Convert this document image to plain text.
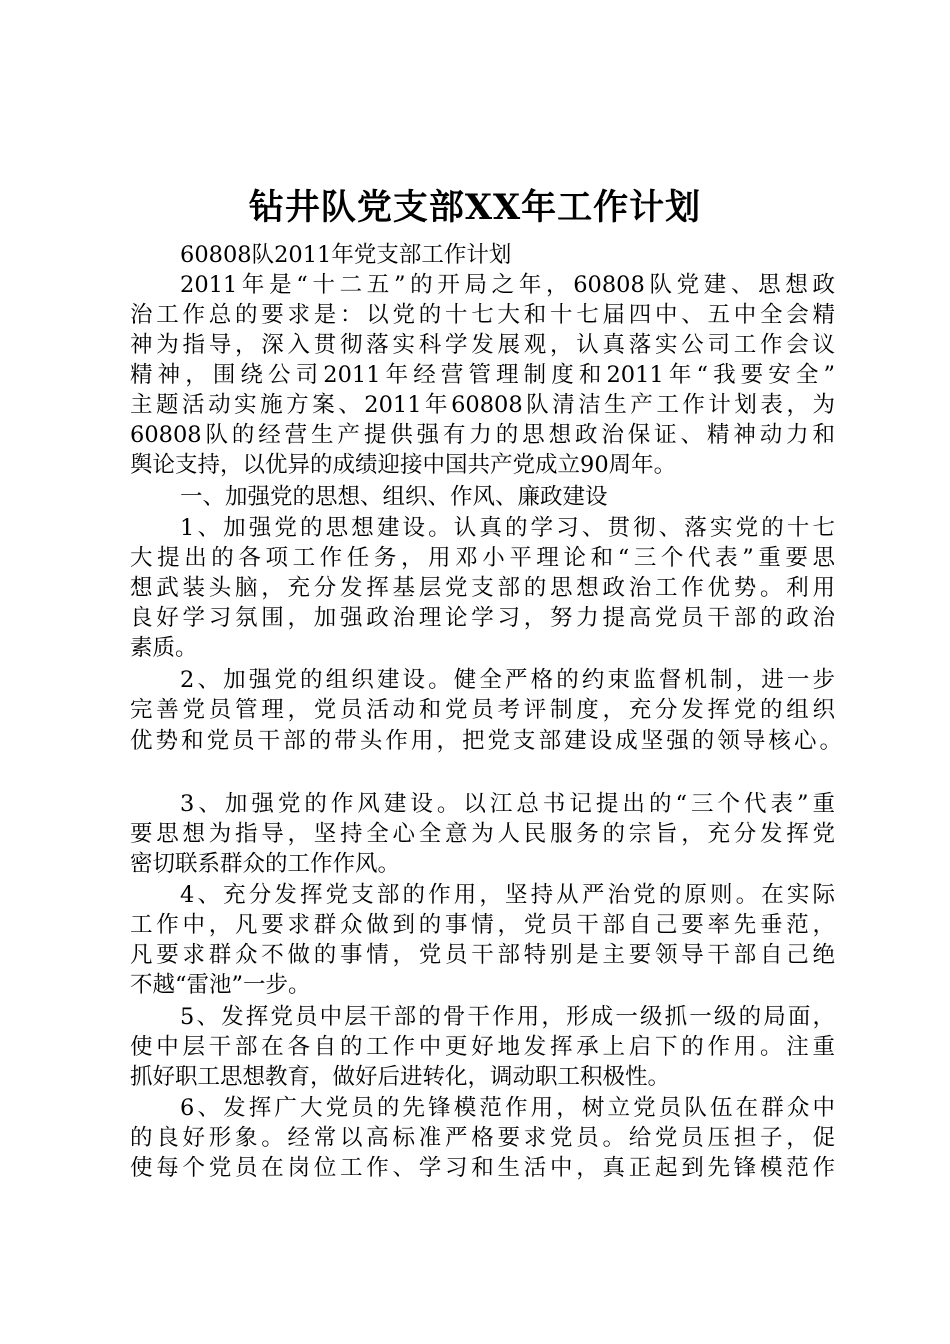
钻井队党支部XX年工作计划
60808队2011年党支部工作计划
2011年是“十二五”的开局之年，60808队党建、思想政
治工作总的要求是：以党的十七大和十七届四中、五中全会精
神为指导，深入贯彻落实科学发展观，认真落实公司工作会议
精神，围绕公司2011年经营管理制度和2011年“我要安全”
主题活动实施方案、2011年60808队清洁生产工作计划表，为
60808队的经营生产提供强有力的思想政治保证、精神动力和
舆论支持，以优异的成绩迎接中国共产党成立90周年。
一、加强党的思想、组织、作风、廉政建设
1、加强党的思想建设。认真的学习、贯彻、落实党的十七
大提出的各项工作任务，用邓小平理论和“三个代表”重要思
想武装头脑，充分发挥基层党支部的思想政治工作优势。利用
良好学习氛围，加强政治理论学习，努力提高党员干部的政治
素质。
2、加强党的组织建设。健全严格的约束监督机制，进一步
完善党员管理，党员活动和党员考评制度，充分发挥党的组织
优势和党员干部的带头作用，把党支部建设成坚强的领导核心。
3、加强党的作风建设。以江总书记提出的“三个代表”重
要思想为指导，坚持全心全意为人民服务的宗旨，充分发挥党
密切联系群众的工作作风。
4、充分发挥党支部的作用，坚持从严治党的原则。在实际
工作中，凡要求群众做到的事情，党员干部自己要率先垂范，
凡要求群众不做的事情，党员干部特别是主要领导干部自己绝
不越“雷池”一步。
5、发挥党员中层干部的骨干作用，形成一级抓一级的局面，
使中层干部在各自的工作中更好地发挥承上启下的作用。注重
抓好职工思想教育，做好后进转化，调动职工积极性。
6、发挥广大党员的先锋模范作用，树立党员队伍在群众中
的良好形象。经常以高标准严格要求党员。给党员压担子，促
使每个党员在岗位工作、学习和生活中，真正起到先锋模范作
